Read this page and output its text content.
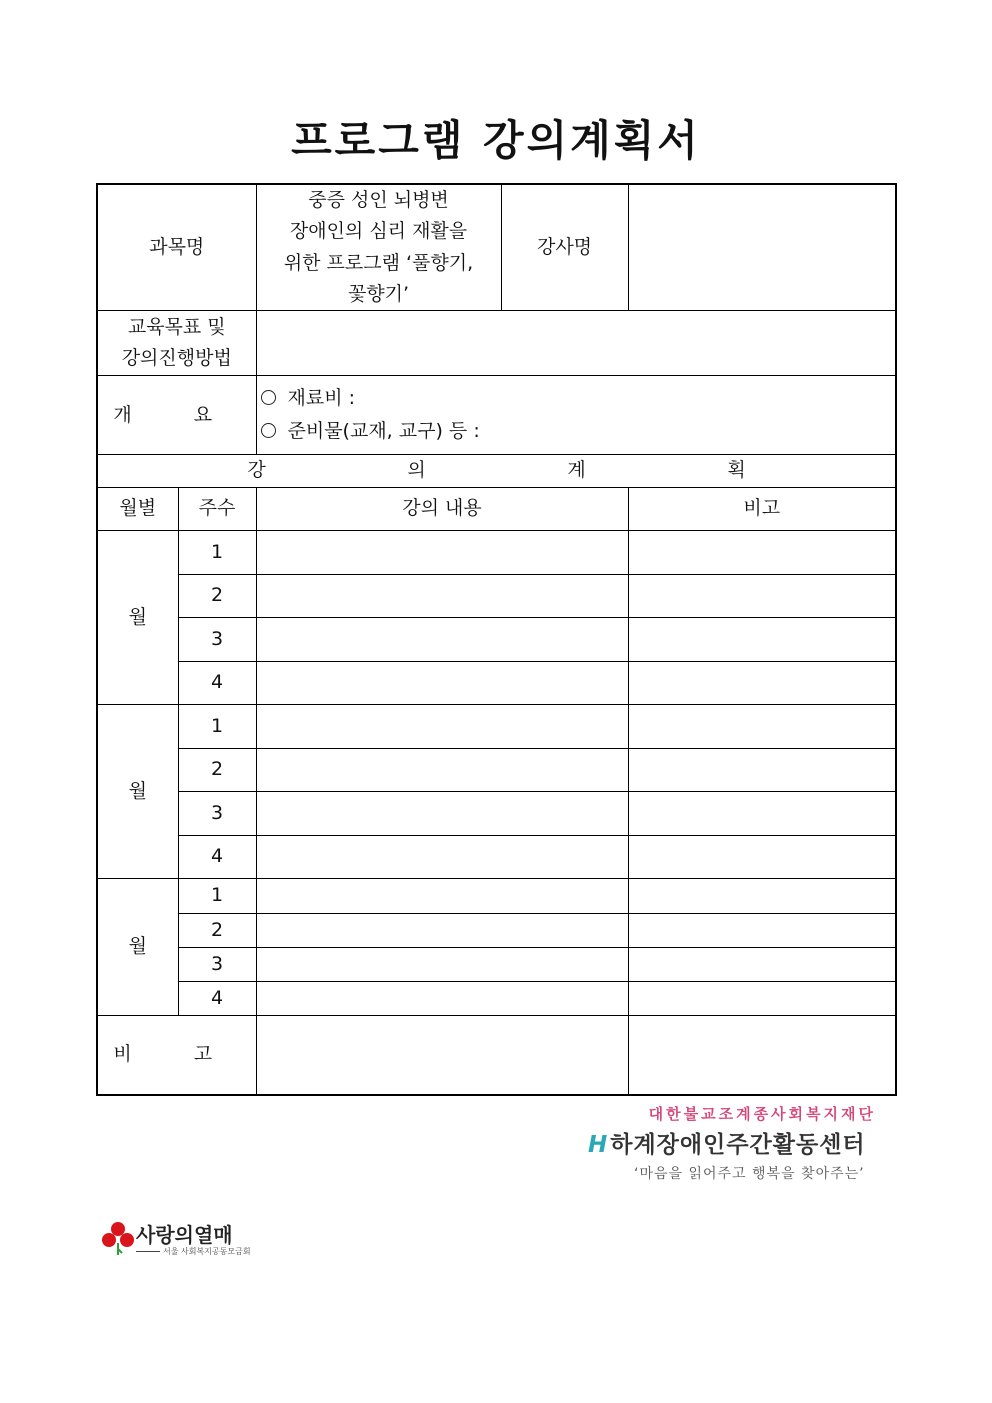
프로그램 강의계획서
과목명		중증 성인 뇌병변
장애인의 심리 재활을
위한 프로그램 ‘풀향기,
꽃향기’	강사명	

교육목표 및
강의진행방법				

개 요		재료비 :
준비물(교재, 교구) 등 :		

강 의 계 획				
월별	주수	강의 내용		비고
월	1			
	2			
	3			
	4			
월	1			
	2			
	3			
	4			
월	1			
	2			
	3			
	4			
비 고				
대한불교조계종사회복지재단
H하계장애인주간활동센터
‘마음을 읽어주고 행복을 찾아주는’
사랑의열매
서울 사회복지공동모금회
